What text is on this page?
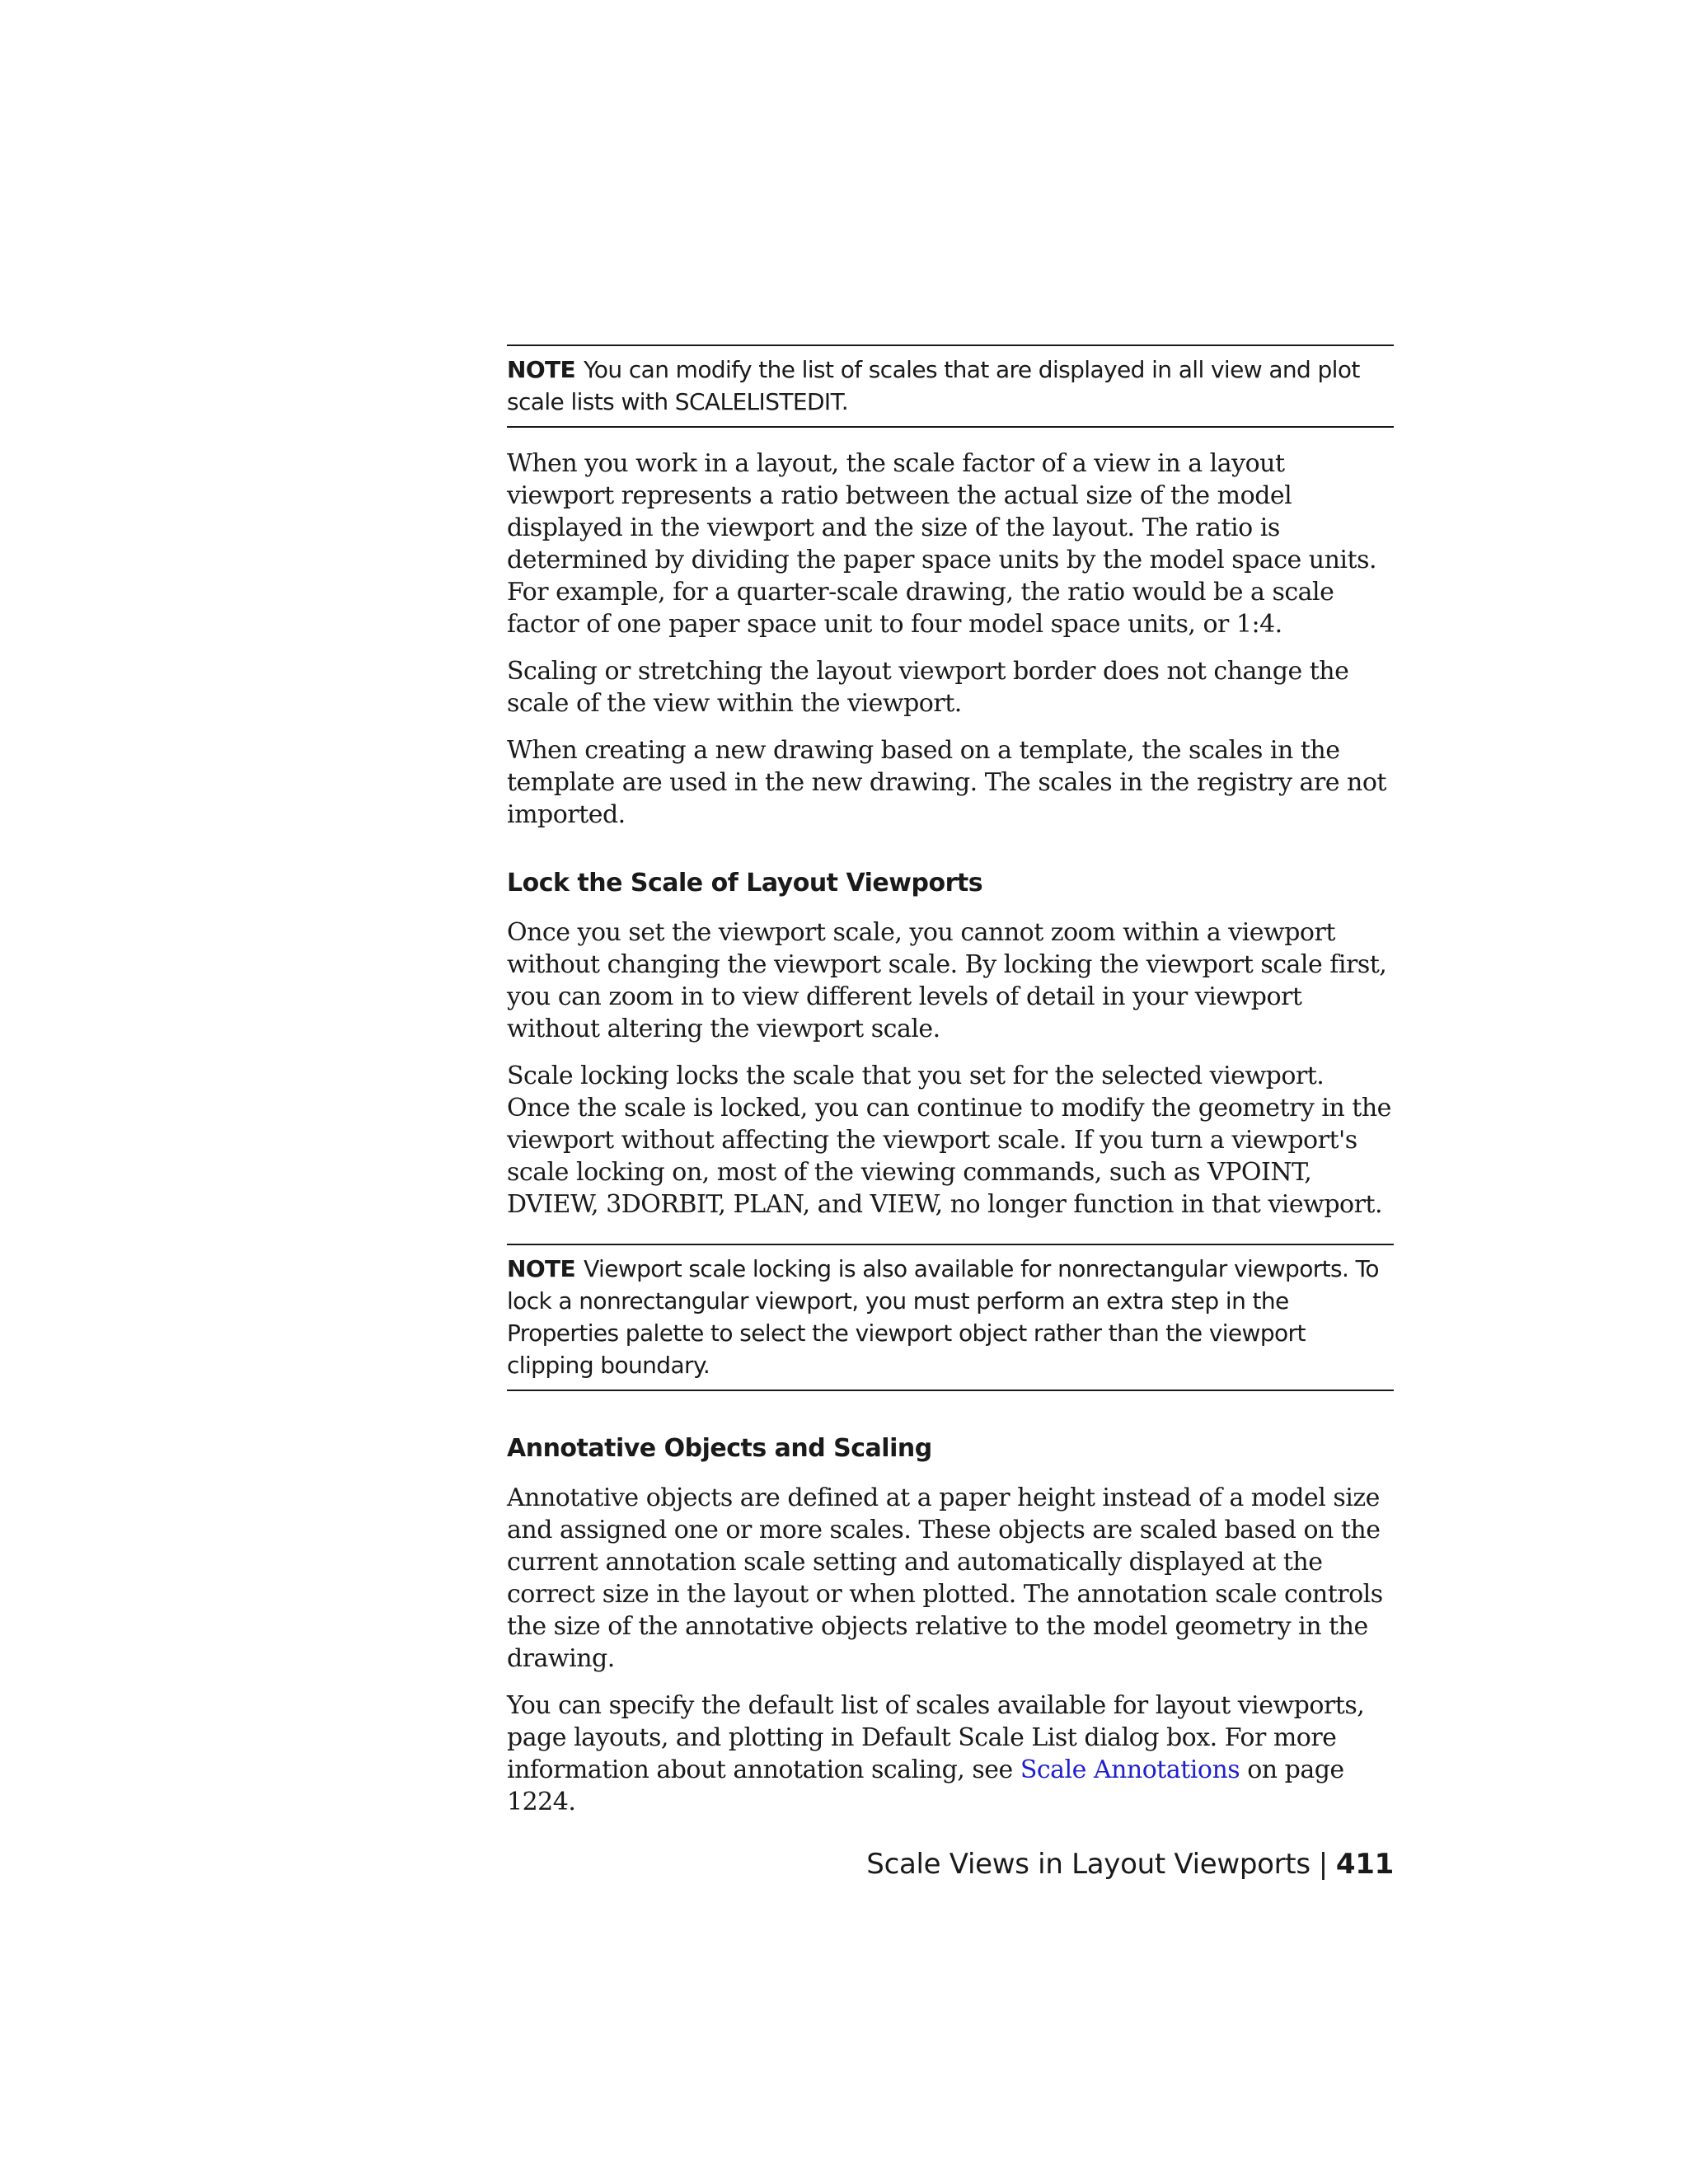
NOTE You can modify the list of scales that are displayed in all view and plot scale lists with SCALELISTEDIT.

When you work in a layout, the scale factor of a view in a layout viewport represents a ratio between the actual size of the model displayed in the viewport and the size of the layout. The ratio is determined by dividing the paper space units by the model space units. For example, for a quarter-scale drawing, the ratio would be a scale factor of one paper space unit to four model space units, or 1:4.

Scaling or stretching the layout viewport border does not change the scale of the view within the viewport.

When creating a new drawing based on a template, the scales in the template are used in the new drawing. The scales in the registry are not imported.

Lock the Scale of Layout Viewports

Once you set the viewport scale, you cannot zoom within a viewport without changing the viewport scale. By locking the viewport scale first, you can zoom in to view different levels of detail in your viewport without altering the viewport scale.

Scale locking locks the scale that you set for the selected viewport. Once the scale is locked, you can continue to modify the geometry in the viewport without affecting the viewport scale. If you turn a viewport's scale locking on, most of the viewing commands, such as VPOINT, DVIEW, 3DORBIT, PLAN, and VIEW, no longer function in that viewport.

NOTE Viewport scale locking is also available for nonrectangular viewports. To lock a nonrectangular viewport, you must perform an extra step in the Properties palette to select the viewport object rather than the viewport clipping boundary.
Annotative Objects and Scaling

Annotative objects are defined at a paper height instead of a model size and assigned one or more scales. These objects are scaled based on the current annotation scale setting and automatically displayed at the correct size in the layout or when plotted. The annotation scale controls the size of the annotative objects relative to the model geometry in the drawing.

You can specify the default list of scales available for layout viewports, page layouts, and plotting in Default Scale List dialog box. For more information about annotation scaling, see Scale Annotations on page 1224.

Scale Views in Layout Viewports | 411
